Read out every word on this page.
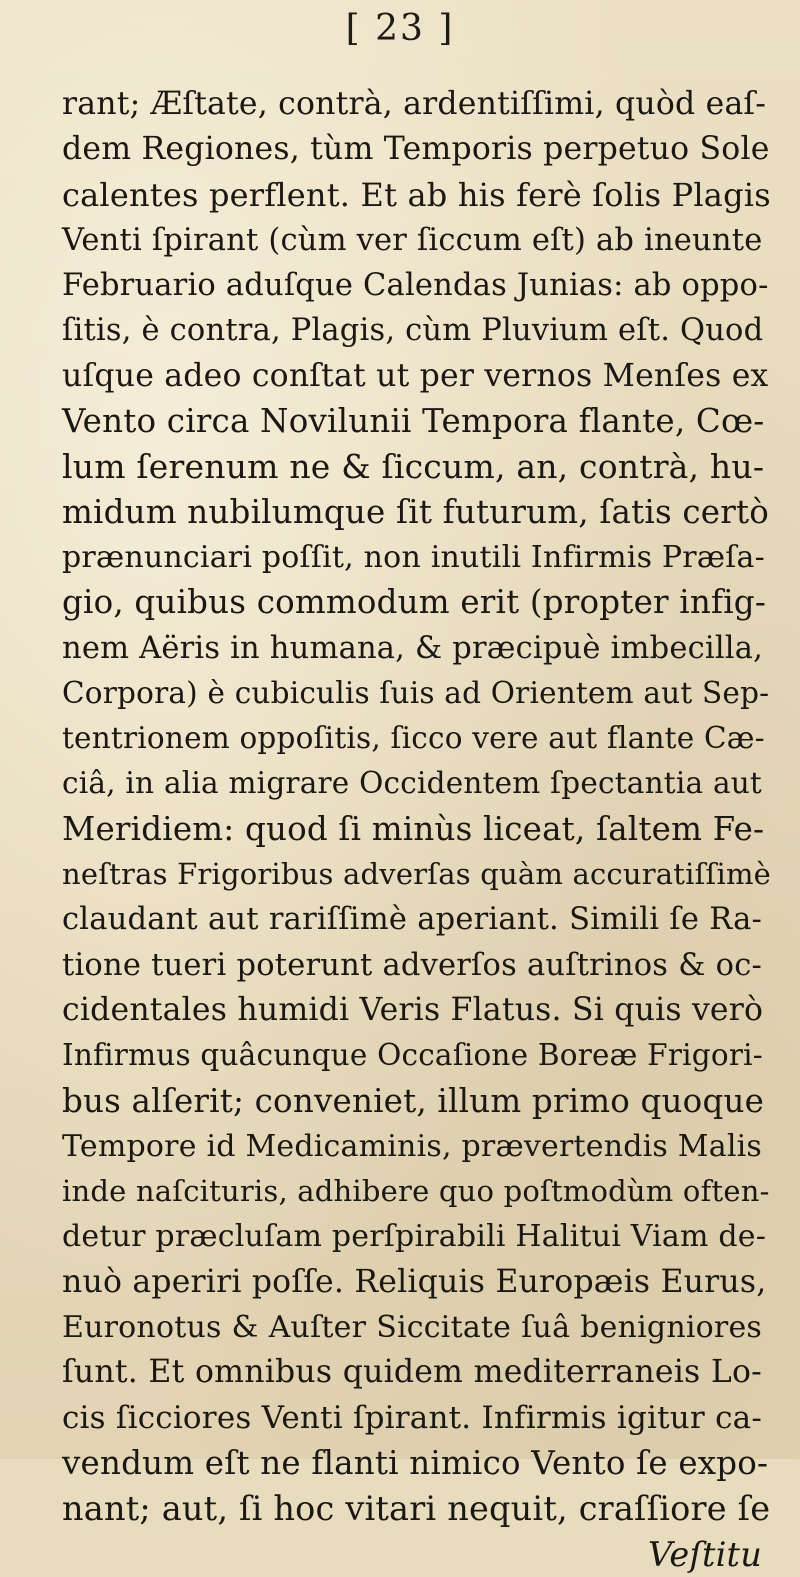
[ 23 ]
rant; Æſtate, contrà, ardentiſſimi, quòd eaſ-
dem Regiones, tùm Temporis perpetuo Sole
calentes perflent. Et ab his ferè ſolis Plagis
Venti ſpirant (cùm ver ſiccum eſt) ab ineunte
Februario aduſque Calendas Junias: ab oppo-
ſitis, è contra, Plagis, cùm Pluvium eſt. Quod
uſque adeo conſtat ut per vernos Menſes ex
Vento circa Novilunii Tempora flante, Cœ-
lum ſerenum ne & ſiccum, an, contrà, hu-
midum nubilumque ſit futurum, ſatis certò
prænunciari poſſit, non inutili Infirmis Præſa-
gio, quibus commodum erit (propter infig-
nem Aëris in humana, & præcipuè imbecilla,
Corpora) è cubiculis ſuis ad Orientem aut Sep-
tentrionem oppoſitis, ſicco vere aut flante Cæ-
ciâ, in alia migrare Occidentem ſpectantia aut
Meridiem: quod ſi minùs liceat, ſaltem Fe-
neſtras Frigoribus adverſas quàm accuratiſſimè
claudant aut rariſſimè aperiant. Simili ſe Ra-
tione tueri poterunt adverſos auſtrinos & oc-
cidentales humidi Veris Flatus. Si quis verò
Infirmus quâcunque Occaſione Boreæ Frigori-
bus alſerit; conveniet, illum primo quoque
Tempore id Medicaminis, prævertendis Malis
inde naſcituris, adhibere quo poſtmodùm often-
detur præcluſam perſpirabili Halitui Viam de-
nuò aperiri poſſe. Reliquis Europæis Eurus,
Euronotus & Auſter Siccitate ſuâ benigniores
ſunt. Et omnibus quidem mediterraneis Lo-
cis ſicciores Venti ſpirant. Infirmis igitur ca-
vendum eſt ne flanti nimico Vento ſe expo-
nant; aut, ſi hoc vitari nequit, craſſiore ſe
Veſtitu
